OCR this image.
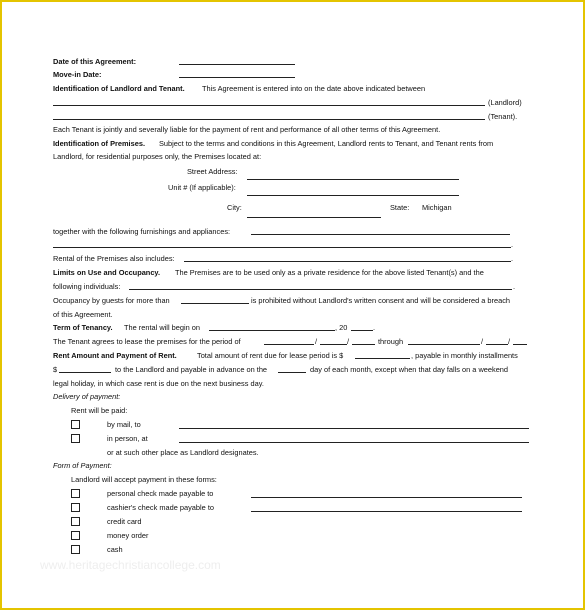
Date of this Agreement:
Move-in Date:
Identification of Landlord and Tenant. This Agreement is entered into on the date above indicated between
(Landlord)
(Tenant).
Each Tenant is jointly and severally liable for the payment of rent and performance of all other terms of this Agreement.
Identification of Premises. Subject to the terms and conditions in this Agreement, Landlord rents to Tenant, and Tenant rents from
Landlord, for residential purposes only, the Premises located at:
Street Address:
Unit # (If applicable):
City:	State: Michigan
together with the following furnishings and appliances:
.
Rental of the Premises also includes:	.
Limits on Use and Occupancy. The Premises are to be used only as a private residence for the above listed Tenant(s) and the
following individuals:	.
Occupancy by guests for more than	is prohibited without Landlord's written consent and will be considered a breach
of this Agreement.
Term of Tenancy. The rental will begin on	, 20	.
The Tenant agrees to lease the premises for the period of	/	/	through	/	/
Rent Amount and Payment of Rent.	Total amount of rent due for lease period is $	, payable in monthly installments
$	to the Landlord and payable in advance on the	day of each month, except when that day falls on a weekend
legal holiday, in which case rent is due on the next business day.
Delivery of payment:
Rent will be paid:
by mail, to
in person, at
or at such other place as Landlord designates.
Form of Payment:
Landlord will accept payment in these forms:
personal check made payable to
cashier's check made payable to
credit card
money order
cash
www.heritagechristiancollege.com
